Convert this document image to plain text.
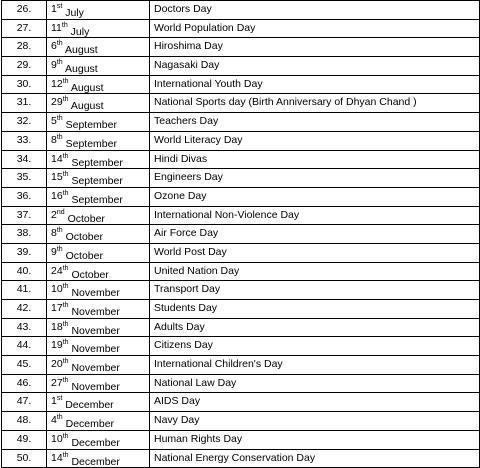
26.	1st July	Doctors Day
27.	11th July	World Population Day
28.	6th August	Hiroshima Day
29.	9th August	Nagasaki Day
30.	12th August	International Youth Day
31.	29th August	National Sports day (Birth Anniversary of Dhyan Chand )
32.	5th September	Teachers Day
33.	8th September	World Literacy Day
34.	14th September	Hindi Divas
35.	15th September	Engineers Day
36.	16th September	Ozone Day
37.	2nd October	International Non-Violence Day
38.	8th October	Air Force Day
39.	9th October	World Post Day
40.	24th October	United Nation Day
41.	10th November	Transport Day
42.	17th November	Students Day
43.	18th November	Adults Day
44.	19th November	Citizens Day
45.	20th November	International Children's Day
46.	27th November	National Law Day
47.	1st December	AIDS Day
48.	4th December	Navy Day
49.	10th December	Human Rights Day
50.	14th December	National Energy Conservation Day
